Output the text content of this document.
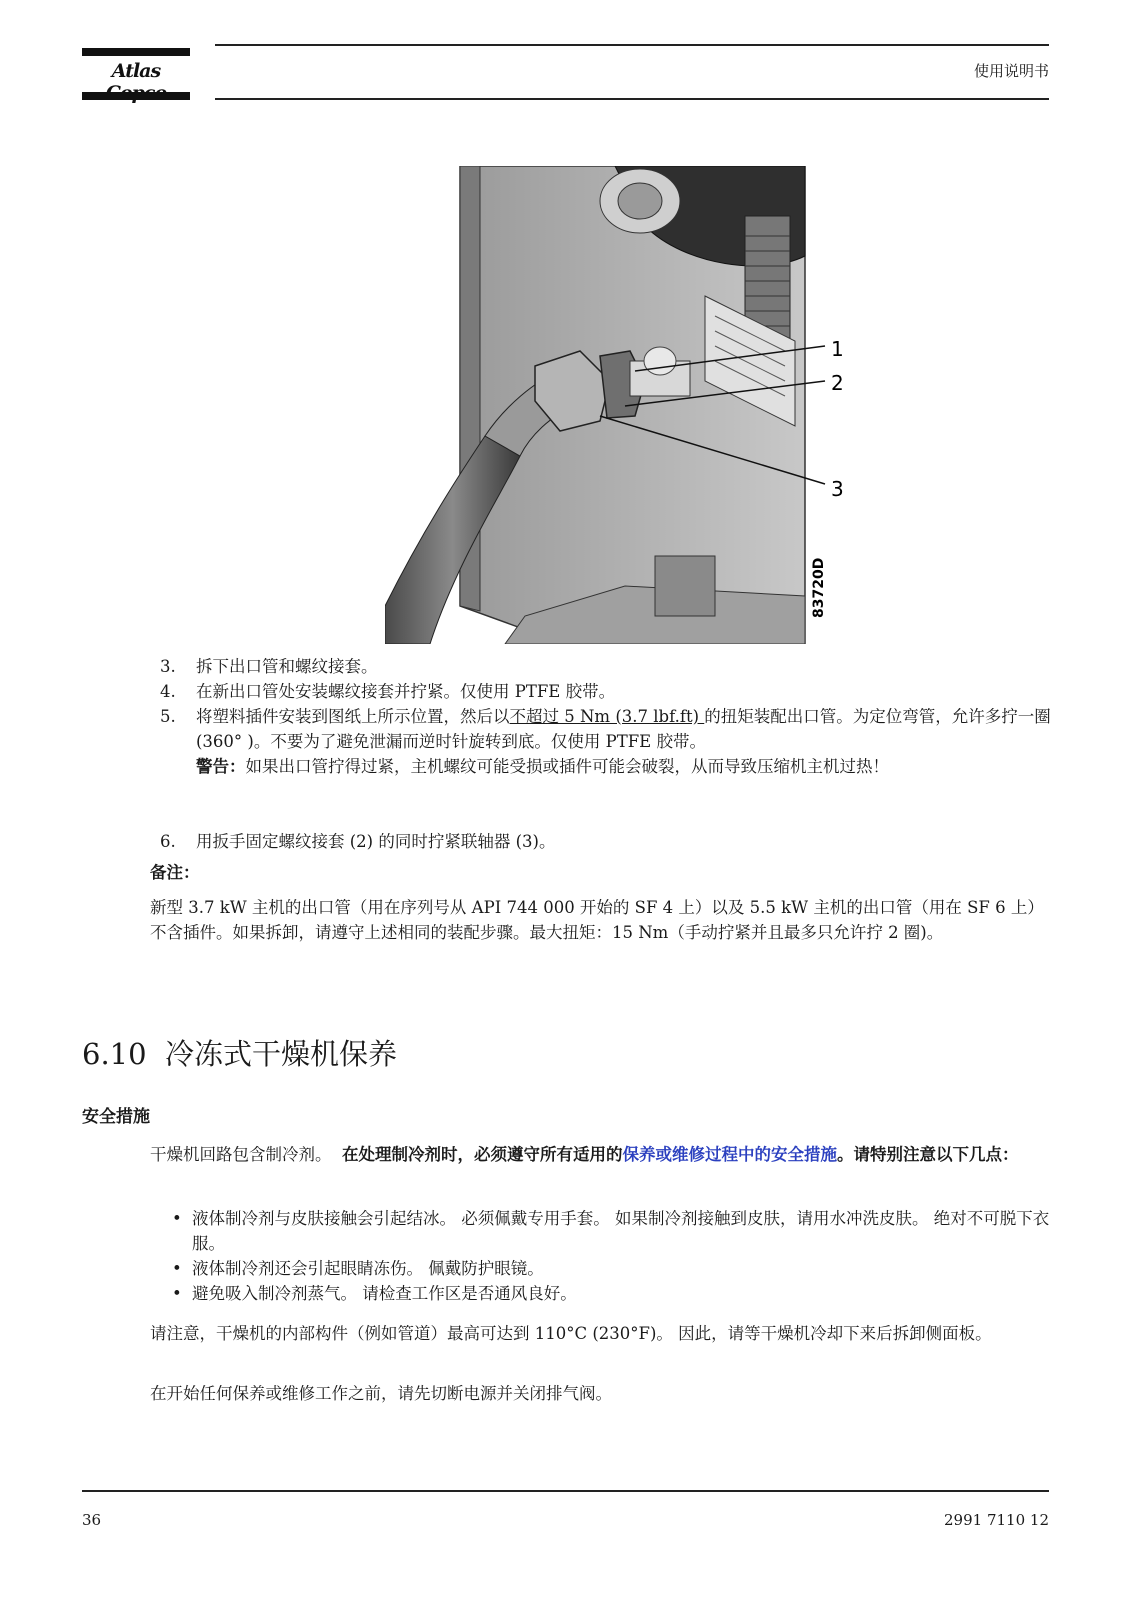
Atlas	使用说明书
1
2
3
83720D
3. 拆下出口管和螺纹接套。
4. 在新出口管处安装螺纹接套并拧紧。仅使用 PTFE 胶带。
5. 将塑料插件安装到图纸上所示位置，然后以不超过 5 Nm (3.7 lbf.ft) 的扭矩装配出口管。为定位弯管，允许多拧一圈 (360° )。不要为了避免泄漏而逆时针旋转到底。仅使用 PTFE 胶带。
警告：如果出口管拧得过紧，主机螺纹可能受损或插件可能会破裂，从而导致压缩机主机过热！
6. 用扳手固定螺纹接套 (2) 的同时拧紧联轴器 (3)。
备注：
新型 3.7 kW 主机的出口管（用在序列号从 API 744 000 开始的 SF 4 上）以及 5.5 kW 主机的出口管（用在 SF 6 上）不含插件。如果拆卸，请遵守上述相同的装配步骤。最大扭矩：15 Nm（手动拧紧并且最多只允许拧 2 圈)。
6.10 冷冻式干燥机保养
安全措施
干燥机回路包含制冷剂。 在处理制冷剂时，必须遵守所有适用的保养或维修过程中的安全措施。请特别注意以下几点：
• 液体制冷剂与皮肤接触会引起结冰。 必须佩戴专用手套。 如果制冷剂接触到皮肤，请用水冲洗皮肤。 绝对不可脱下衣服。
• 液体制冷剂还会引起眼睛冻伤。 佩戴防护眼镜。
• 避免吸入制冷剂蒸气。 请检查工作区是否通风良好。
请注意，干燥机的内部构件（例如管道）最高可达到 110°C (230°F)。 因此，请等干燥机冷却下来后拆卸侧面板。
在开始任何保养或维修工作之前，请先切断电源并关闭排气阀。
36	2991 7110 12
